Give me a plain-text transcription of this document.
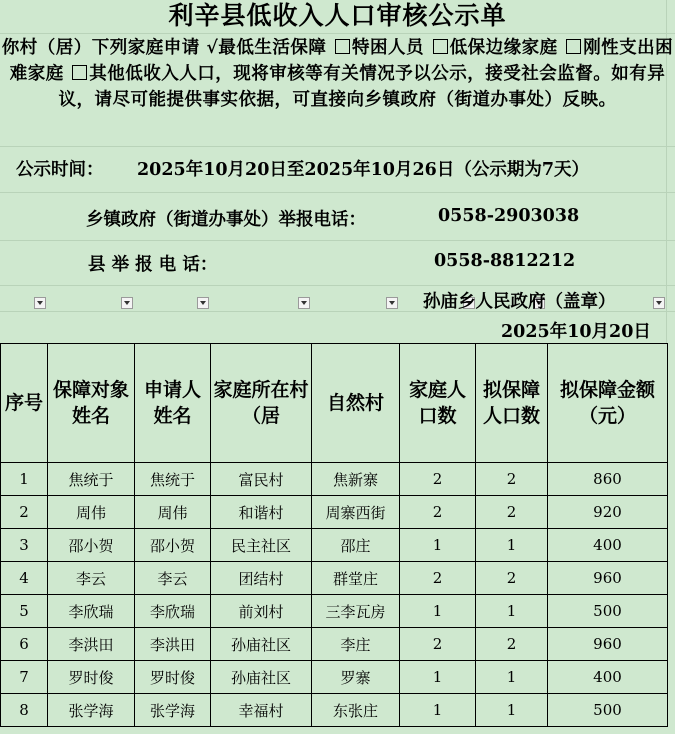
利辛县低收入人口审核公示单
你村（居）下列家庭申请 √最低生活保障 特困人员 低保边缘家庭 刚性支出困难家庭 其他低收入人口，现将审核等有关情况予以公示，接受社会监督。如有异议，请尽可能提供事实依据，可直接向乡镇政府（街道办事处）反映。
公示时间： 2025年10月20日至2025年10月26日（公示期为7天）
乡镇政府（街道办事处）举报电话：	0558-2903038
县 举 报 电 话：	0558-8812212
孙庙乡人民政府（盖章）
2025年10月20日
序号	保障对象姓名	申请人姓名	家庭所在村（居	自然村	家庭人口数	拟保障人口数	拟保障金额（元）
1	焦统于	焦统于	富民村	焦新寨	2	2	860
2	周伟	周伟	和谐村	周寨西街	2	2	920
3	邵小贺	邵小贺	民主社区	邵庄	1	1	400
4	李云	李云	团结村	群堂庄	2	2	960
5	李欣瑞	李欣瑞	前刘村	三李瓦房	1	1	500
6	李洪田	李洪田	孙庙社区	李庄	2	2	960
7	罗时俊	罗时俊	孙庙社区	罗寨	1	1	400
8	张学海	张学海	幸福村	东张庄	1	1	500
